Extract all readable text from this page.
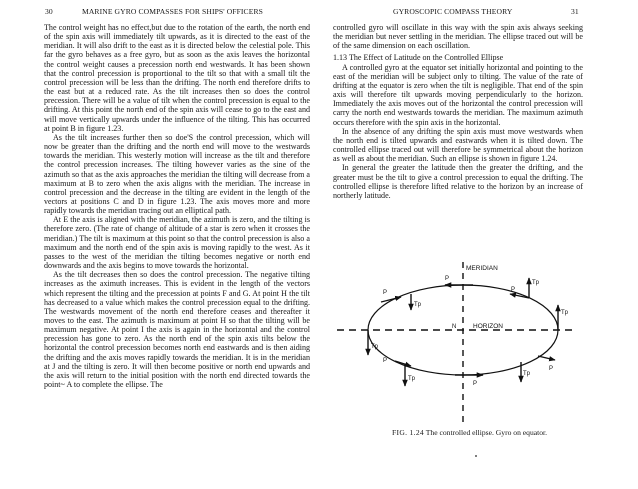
30	MARINE GYRO COMPASSES FOR SHIPS' OFFICERS	GYROSCOPIC COMPASS THEORY	31

The control weight has no effect,but due to the rotation of the earth, the north end of the spin axis will immediately tilt upwards, as it is directed to the east of the meridian. It will also drift to the east as it is directed below the celestial pole. This far the gyro behaves as a free gyro, but as soon as the axis leaves the horizontal the control weight causes a precession north end westwards. It has been shown that the control precession is proportional to the tilt so that with a small tilt the control precession will be less than the drifting. The north end therefore drifts to the east but at a reduced rate. As the tilt increases then so does the control precession. There will be a value of tilt when the control precession is equal to the drifting. At this point the north end of the spin axis will cease to go to the east and will move vertically upwards under the influence of the tilting. This has occurred at point B in figure 1.23.

As the tilt increases further then so doe'S the control precession, which will now be greater than the drifting and the north end will move to the westwards towards the meridian. This westerly motion will increase as the tilt and therefore the control precession increases. The tilting however varies as the sine of the azimuth so that as the axis approaches the meridian the tilting will decrease from a maximum at B to zero when the axis aligns with the meridian. The increase in control precession and the decrease in the tilting are evident in the length of the vectors at positions C and D in figure 1.23. The axis moves more and more rapidly towards the meridian tracing out an elliptical path.

At E the axis is aligned with the meridian, the azimuth is zero, and the tilting is therefore zero. (The rate of change of altitude of a star is zero when it crosses the meridian.) The tilt is maximum at this point so that the control precession is also a maximum and the north end of the spin axis is moving rapidly to the west. As it passes to the west of the meridian the tilting becomes negative or north end downwards and the axis begins to move towards the horizontal.

As the tilt decreases then so does the control precession. The negative tilting increases as the aximuth increases. This is evident in the length of the vectors which represent the tilting and the precession at points F and G. At point H the tilt has decreased to a value which makes the control precession equal to the drifting. The westwards movement of the north end therefore ceases and thereafter it moves to the east. The azimuth is maximum at point H so that the tilting will be maximum negative. At point I the axis is again in the horizontal and the control precession has gone to zero. As the north end of the spin axis tilts below the horizontal the control precession becomes north end eastwards and is then aiding the drifting and the axis moves rapidly towards the meridian. It is in the meridian at J and the tilting is zero. It will then become positive or north end upwards and the axis will return to the initial position with the north end directed towards the point~ A to complete the ellipse. The

controlled gyro will oscillate in this way with the spin axis always seeking the meridian but never settling in the meridian. The ellipse traced out will be of the same dimension on each oscillation.

1.13 The Effect of Latitude on the Controlled Ellipse

A controlled gyro at the equator set initially horizontal and pointing to the east of the meridian will be subject only to tilting. The value of the rate of drifting at the equator is zero when the tilt is negligible. That end of the spin axis will therefore tilt upwards moving perpendicularly to the horizon. Immediately the axis moves out of the horizontal the control precession will carry the north end westwards towards the meridian. The maximum azimuth occurs therefore with the spin axis in the horizontal.

In the absence of any drifting the spin axis must move westwards when the north end is tilted upwards and eastwards when it is tilted down. The controlled ellipse traced out will therefore be symmetrical about the horizon as well as about the meridian. Such an ellipse is shown in figure 1.24.

In general the greater the latitude then the greater the drifting, and the greater must be the tilt to give a control precession to equal the drifting. The controlled ellipse is therefore lifted relative to the horizon by an increase of northerly latitude.

MERIDIAN
N	HORIZON
P
Tp
P
Tp
P
Tp
P
Tp
P
Tp
P
Tp
FIG. 1.24 The controlled ellipse. Gyro on equator.
